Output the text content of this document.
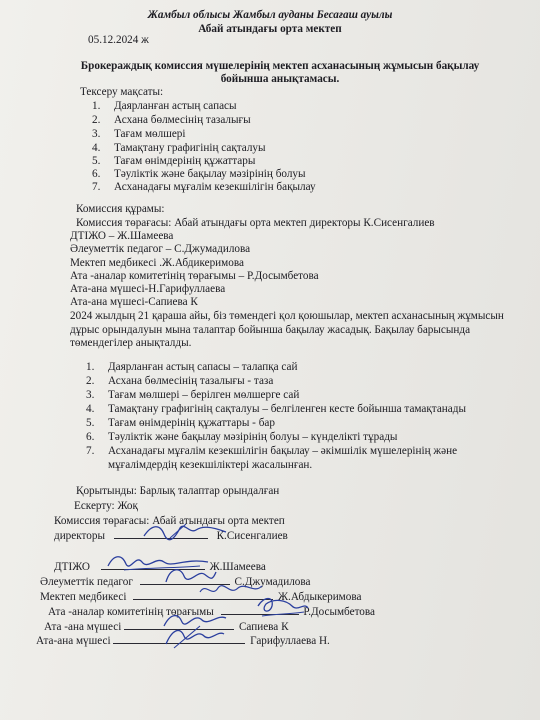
Жамбыл облысы Жамбыл ауданы Бесағаш ауылы
Абай атындағы орта мектеп
05.12.2024 ж
Брокераждық комиссия мүшелерінің мектеп асханасының жұмысын бақылау
бойынша анықтамасы.
Тексеру мақсаты:
1. Даярланған астың сапасы
2. Асхана бөлмесінің тазалығы
3. Тағам мөлшері
4. Тамақтану графигінің сақталуы
5. Тағам өнімдерінің құжаттары
6. Тәуліктік және бақылау мәзірінің болуы
7. Асханадағы мұғалім кезекшілігін бақылау
Комиссия құрамы:
Комиссия төрағасы: Абай атындағы орта мектеп директоры К.Сисенгалиев
ДТІЖО – Ж.Шамеева
Әлеуметтік педагог – С.Джумадилова
Мектеп медбикесі .Ж.Абдикеримова
Ата -аналар комитетінің төрағымы – Р.Досымбетова
Ата-ана мүшесі-Н.Гарифуллаева
Ата-ана мүшесі-Сапиева К
2024 жылдың 21 қараша айы, біз төмендегі қол қоюшылар, мектеп асханасының жұмысын
дұрыс орындалуын мына талаптар бойынша бақылау жасадық. Бақылау барысында
төмендегілер анықталды.
1. Даярланған астың сапасы – талапқа сай
2. Асхана бөлмесінің тазалығы - таза
3. Тағам мөлшері – берілген мөлшерге сай
4. Тамақтану графигінің сақталуы – белгіленген кесте бойынша тамақтанады
5. Тағам өнімдерінің құжаттары - бар
6. Тәуліктік және бақылау мәзірінің болуы – күнделікті тұрады
7. Асханадағы мұғалім кезекшілігін бақылау – әкімшілік мүшелерінің және
мұғалімдердің кезекшіліктері жасалынған.
Қорытынды: Барлық талаптар орындалған
Ескерту: Жоқ
Комиссия төрағасы: Абай атындағы орта мектеп
директоры	К.Сисенгалиев
ДТІЖО	Ж.Шамеева
Әлеуметтік педагог	С.Джумадилова
Мектеп медбикесі	Ж.Абдыкеримова
Ата -аналар комитетінің төрағымы	Р.Досымбетова
Ата -ана мүшесі	Сапиева К
Ата-ана мүшесі	Гарифуллаева Н.
